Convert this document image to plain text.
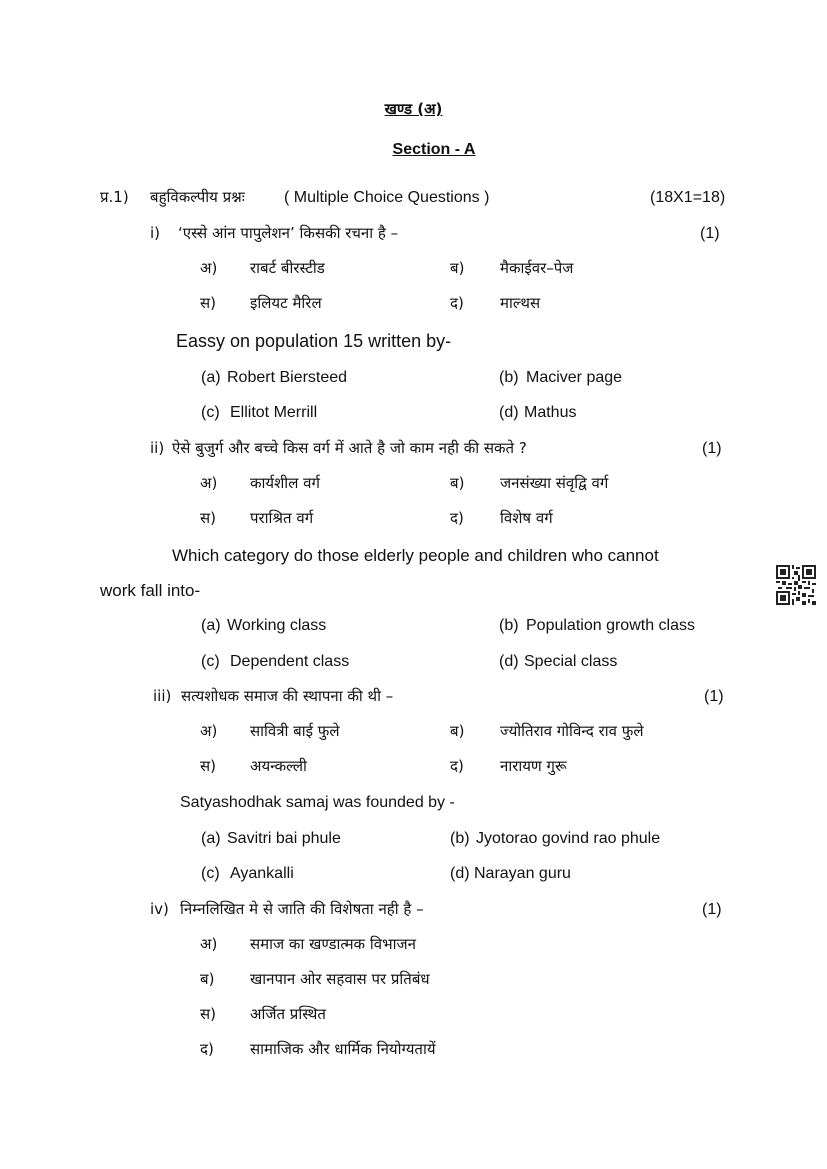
खण्ड (अ)
Section - A
प्र.1) बहुविकल्पीय प्रश्नः ( Multiple Choice Questions )	(18X1=18)
i) ‘एस्से आंन पापुलेशन’ किसकी रचना है –	(1)
अ) राबर्ट बीरस्टीड	ब) मैकाईवर–पेज
स) इलियट मैरिल	द) माल्थस
Eassy on population 15 written by-
(a) Robert Biersteed	(b) Maciver page
(c) Ellitot Merrill	(d) Mathus
ii) ऐसे बुजुर्ग और बच्चे किस वर्ग में आते है जो काम नही की सकते ?	(1)
अ) कार्यशील वर्ग	ब) जनसंख्या संवृद्वि वर्ग
स) पराश्रित वर्ग	द) विशेष वर्ग
Which category do those elderly people and children who cannot
work fall into-
(a) Working class	(b) Population growth class
(c) Dependent class	(d) Special class
iii) सत्यशोधक समाज की स्थापना की थी –	(1)
अ) सावित्री बाई फुले	ब) ज्योतिराव गोविन्द राव फुले
स) अयन्कल्ली	द) नारायण गुरू
Satyashodhak samaj was founded by -
(a) Savitri bai phule	(b) Jyotorao govind rao phule
(c) Ayankalli	(d) Narayan guru
iv) निम्नलिखित मे से जाति की विशेषता नही है –	(1)
अ) समाज का खण्डात्मक विभाजन
ब) खानपान ओर सहवास पर प्रतिबंध
स) अर्जित प्रस्थित
द) सामाजिक और धार्मिक नियोग्यतायें
